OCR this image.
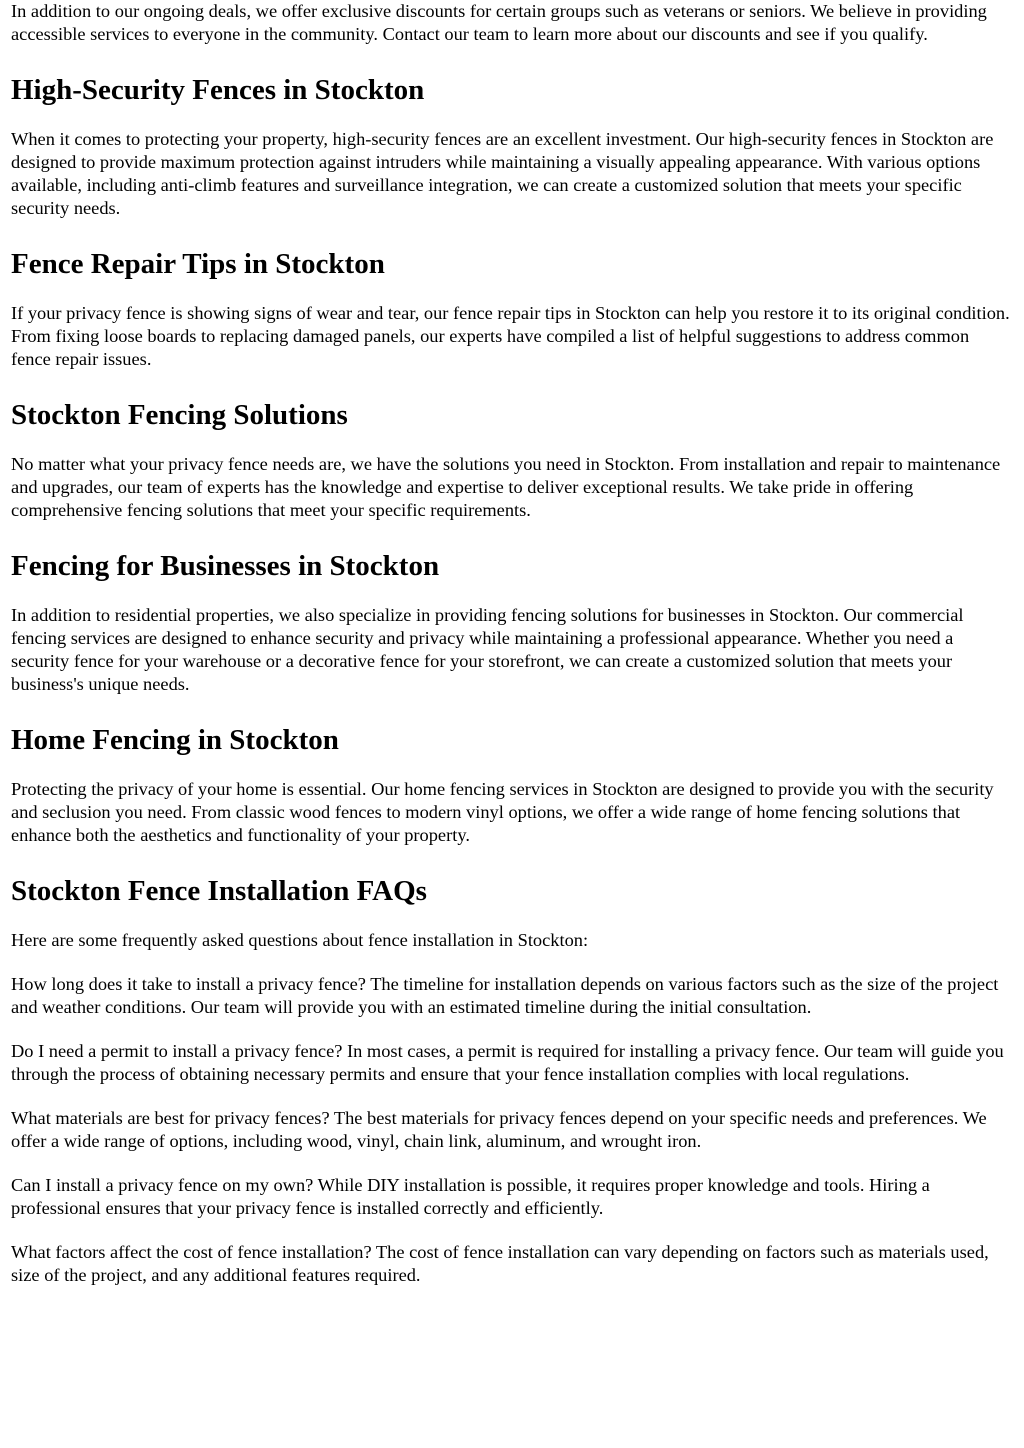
In addition to our ongoing deals, we offer exclusive discounts for certain groups such as veterans or seniors. We believe in providing accessible services to everyone in the community. Contact our team to learn more about our discounts and see if you qualify.

High-Security Fences in Stockton

When it comes to protecting your property, high-security fences are an excellent investment. Our high-security fences in Stockton are designed to provide maximum protection against intruders while maintaining a visually appealing appearance. With various options available, including anti-climb features and surveillance integration, we can create a customized solution that meets your specific security needs.

Fence Repair Tips in Stockton

If your privacy fence is showing signs of wear and tear, our fence repair tips in Stockton can help you restore it to its original condition. From fixing loose boards to replacing damaged panels, our experts have compiled a list of helpful suggestions to address common fence repair issues.

Stockton Fencing Solutions

No matter what your privacy fence needs are, we have the solutions you need in Stockton. From installation and repair to maintenance and upgrades, our team of experts has the knowledge and expertise to deliver exceptional results. We take pride in offering comprehensive fencing solutions that meet your specific requirements.

Fencing for Businesses in Stockton

In addition to residential properties, we also specialize in providing fencing solutions for businesses in Stockton. Our commercial fencing services are designed to enhance security and privacy while maintaining a professional appearance. Whether you need a security fence for your warehouse or a decorative fence for your storefront, we can create a customized solution that meets your business's unique needs.

Home Fencing in Stockton

Protecting the privacy of your home is essential. Our home fencing services in Stockton are designed to provide you with the security and seclusion you need. From classic wood fences to modern vinyl options, we offer a wide range of home fencing solutions that enhance both the aesthetics and functionality of your property.

Stockton Fence Installation FAQs

Here are some frequently asked questions about fence installation in Stockton:

How long does it take to install a privacy fence? The timeline for installation depends on various factors such as the size of the project and weather conditions. Our team will provide you with an estimated timeline during the initial consultation.

Do I need a permit to install a privacy fence? In most cases, a permit is required for installing a privacy fence. Our team will guide you through the process of obtaining necessary permits and ensure that your fence installation complies with local regulations.

What materials are best for privacy fences? The best materials for privacy fences depend on your specific needs and preferences. We offer a wide range of options, including wood, vinyl, chain link, aluminum, and wrought iron.

Can I install a privacy fence on my own? While DIY installation is possible, it requires proper knowledge and tools. Hiring a professional ensures that your privacy fence is installed correctly and efficiently.

What factors affect the cost of fence installation? The cost of fence installation can vary depending on factors such as materials used, size of the project, and any additional features required.
